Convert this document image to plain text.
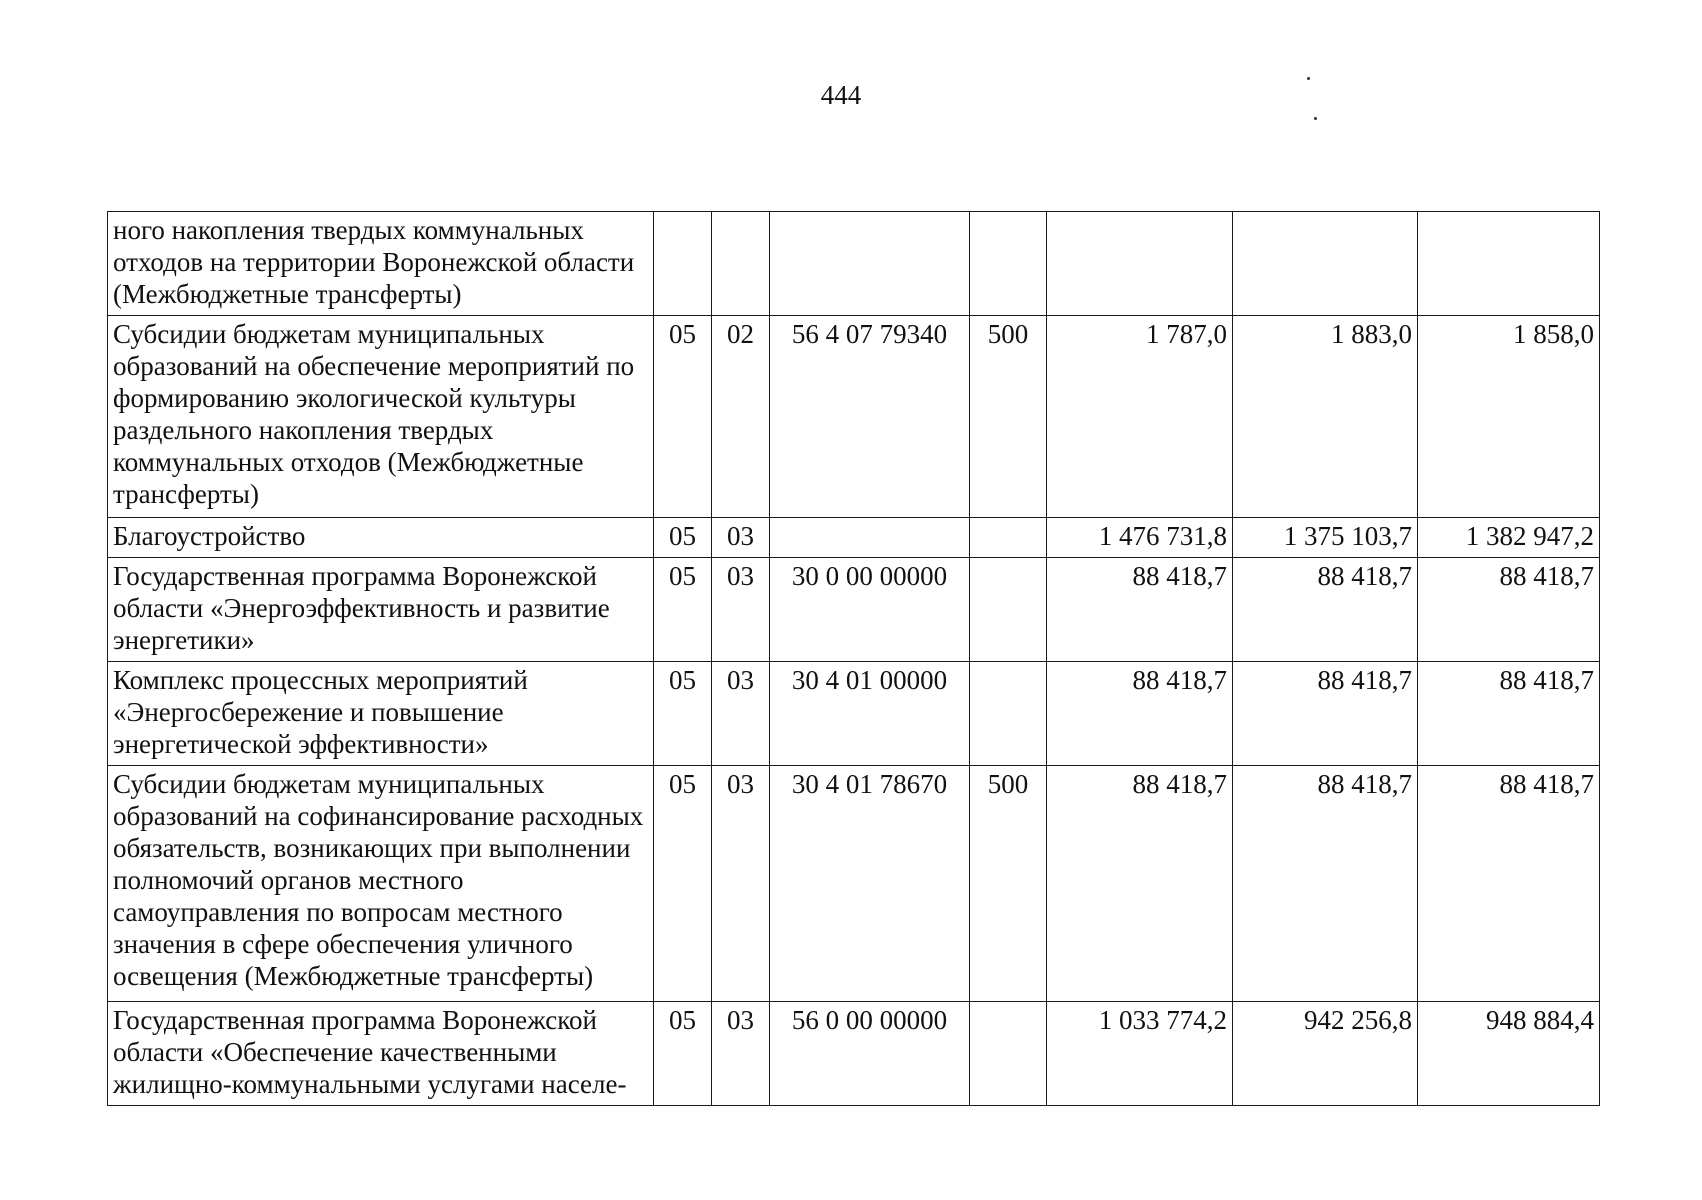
444
ного накопления твердых коммунальных отходов на территории Воронежской области (Межбюджетные трансферты)							
Субсидии бюджетам муниципальных образований на обеспечение мероприятий по формированию экологической культуры раздельного накопления твердых коммунальных отходов (Межбюджетные трансферты)	05	02	56 4 07 79340	500	1 787,0	1 883,0	1 858,0
Благоустройство	05	03			1 476 731,8	1 375 103,7	1 382 947,2
Государственная программа Воронежской области «Энергоэффективность и развитие энергетики»	05	03	30 0 00 00000		88 418,7	88 418,7	88 418,7
Комплекс процессных мероприятий «Энергосбережение и повышение энергетической эффективности»	05	03	30 4 01 00000		88 418,7	88 418,7	88 418,7
Субсидии бюджетам муниципальных образований на софинансирование расходных обязательств, возникающих при выполнении полномочий органов местного самоуправления по вопросам местного значения в сфере обеспечения уличного освещения (Межбюджетные трансферты)	05	03	30 4 01 78670	500	88 418,7	88 418,7	88 418,7
Государственная программа Воронежской области «Обеспечение качественными жилищно-коммунальными услугами населе-	05	03	56 0 00 00000		1 033 774,2	942 256,8	948 884,4
